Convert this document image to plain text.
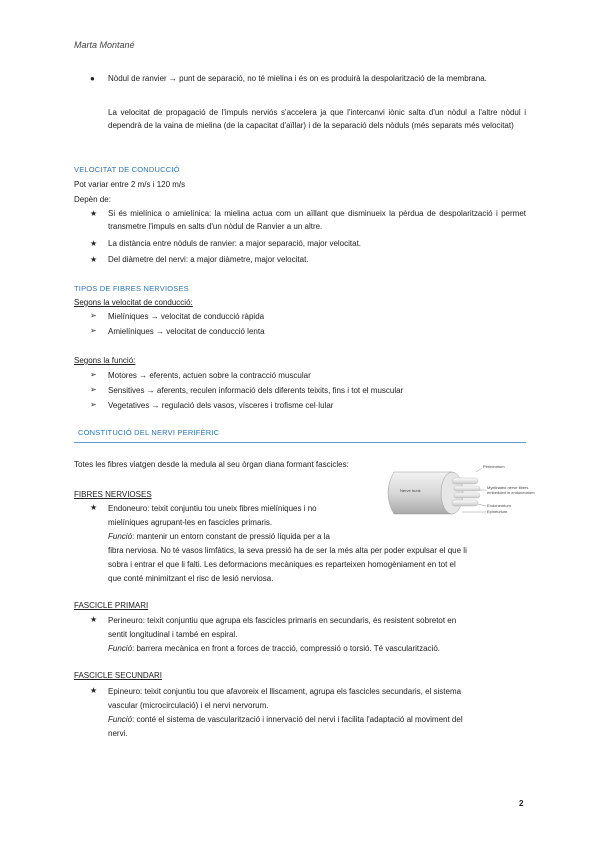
Marta Montané
● Nòdul de ranvier → punt de separació, no té mielina i és on es produirà la despolarització de la membrana.
La velocitat de propagació de l'impuls nerviós s'accelera ja que l'intercanvi iònic salta d'un nòdul a l'altre nòdul i dependrà de la vaina de mielina (de la capacitat d'aïllar) i de la separació dels nòduls (més separats més velocitat)
VELOCITAT DE CONDUCCIÓ
Pot variar entre 2 m/s i 120 m/s
Depèn de:
★ Si és mielínica o amielínica: la mielina actua com un aïllant que disminueix la pèrdua de despolarització i permet transmetre l'impuls en salts d'un nòdul de Ranvier a un altre.
★ La distància entre nòduls de ranvier: a major separació, major velocitat.
★ Del diàmetre del nervi: a major diàmetre, major velocitat.
TIPOS DE FIBRES NERVIOSES
Segons la velocitat de conducció:
➢ Mielíniques → velocitat de conducció ràpida
➢ Amielíniques → velocitat de conducció lenta
Segons la funció:
➢ Motores → eferents, actuen sobre la contracció muscular
➢ Sensitives → aferents, reculen informació dels diferents teixits, fins i tot el muscular
➢ Vegetatives → regulació dels vasos, vísceres i trofisme cel·lular
CONSTITUCIÓ DEL NERVI PERIFÈRIC
Totes les fibres viatgen desde la medula al seu òrgan diana formant fascicles:
Nerve trunk
Perineurium
Myelinated nerve fibers
embedded in endoneurium
Endoneurium
Epineurium
FIBRES NERVIOSES
★ Endoneuro: teixit conjuntiu tou uneix fibres mielíniques i no
mielíniques agrupant-les en fascicles primaris.
Funció: mantenir un entorn constant de pressió líquida per a la
fibra nerviosa. No té vasos limfàtics, la seva pressió ha de ser la més alta per poder expulsar el que li
sobra i entrar el que li falti. Les deformacions mecàniques es reparteixen homogèniament en tot el
que conté minimitzant el risc de lesió nerviosa.
FASCICLE PRIMARI
★ Perineuro: teixit conjuntiu que agrupa els fascicles primaris en secundaris, és resistent sobretot en
sentit longitudinal i també en espiral.
Funció: barrera mecànica en front a forces de tracció, compressió o torsió. Té vascularització.
FASCICLE SECUNDARI
★ Epineuro: teixit conjuntiu tou que afavoreix el lliscament, agrupa els fascicles secundaris, el sistema
vascular (microcirculació) i el nervi nervorum.
Funció: conté el sistema de vascularització i innervació del nervi i facilita l'adaptació al moviment del
nervi.
2
